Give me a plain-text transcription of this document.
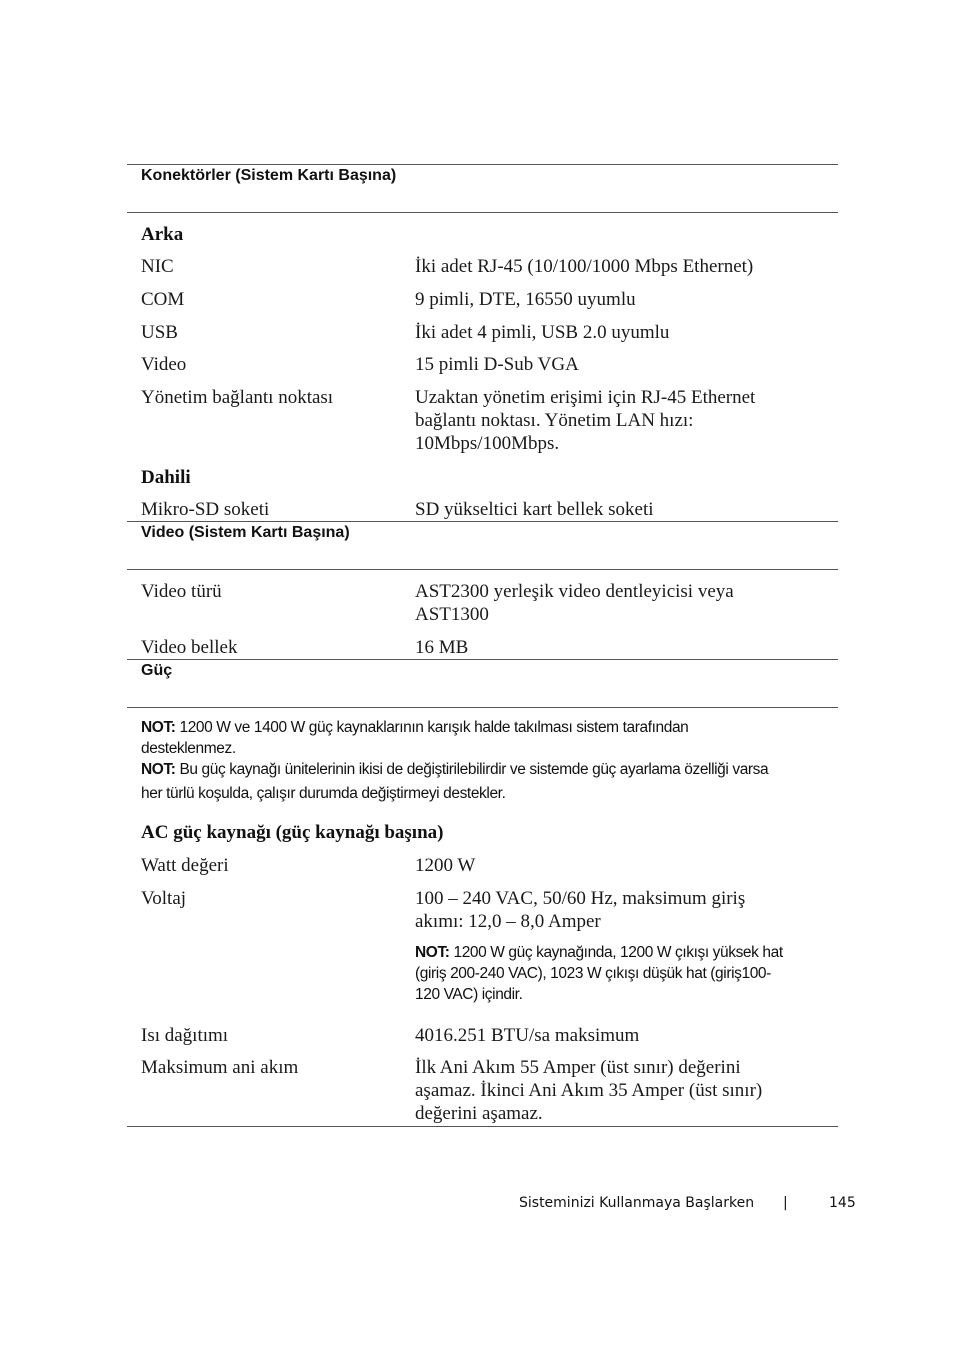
Konektörler (Sistem Kartı Başına)
Arka
NIC	İki adet RJ-45 (10/100/1000 Mbps Ethernet)
COM	9 pimli, DTE, 16550 uyumlu
USB	İki adet 4 pimli, USB 2.0 uyumlu
Video	15 pimli D-Sub VGA
Yönetim bağlantı noktası	Uzaktan yönetim erişimi için RJ-45 Ethernet
bağlantı noktası. Yönetim LAN hızı:
10Mbps/100Mbps.
Dahili
Mikro-SD soketi	SD yükseltici kart bellek soketi
Video (Sistem Kartı Başına)
Video türü	AST2300 yerleşik video dentleyicisi veya
AST1300
Video bellek	16 MB
Güç
NOT: 1200 W ve 1400 W güç kaynaklarının karışık halde takılması sistem tarafından
desteklenmez.
NOT: Bu güç kaynağı ünitelerinin ikisi de değiştirilebilirdir ve sistemde güç ayarlama özelliği varsa
her türlü koşulda, çalışır durumda değiştirmeyi destekler.
AC güç kaynağı (güç kaynağı başına)
Watt değeri	1200 W
Voltaj	100 – 240 VAC, 50/60 Hz, maksimum giriş
akımı: 12,0 – 8,0 Amper
NOT: 1200 W güç kaynağında, 1200 W çıkışı yüksek hat
(giriş 200-240 VAC), 1023 W çıkışı düşük hat (giriş100-
120 VAC) içindir.
Isı dağıtımı	4016.251 BTU/sa maksimum
Maksimum ani akım	İlk Ani Akım 55 Amper (üst sınır) değerini
aşamaz. İkinci Ani Akım 35 Amper (üst sınır)
değerini aşamaz.
Sisteminizi Kullanmaya Başlarken |	145
